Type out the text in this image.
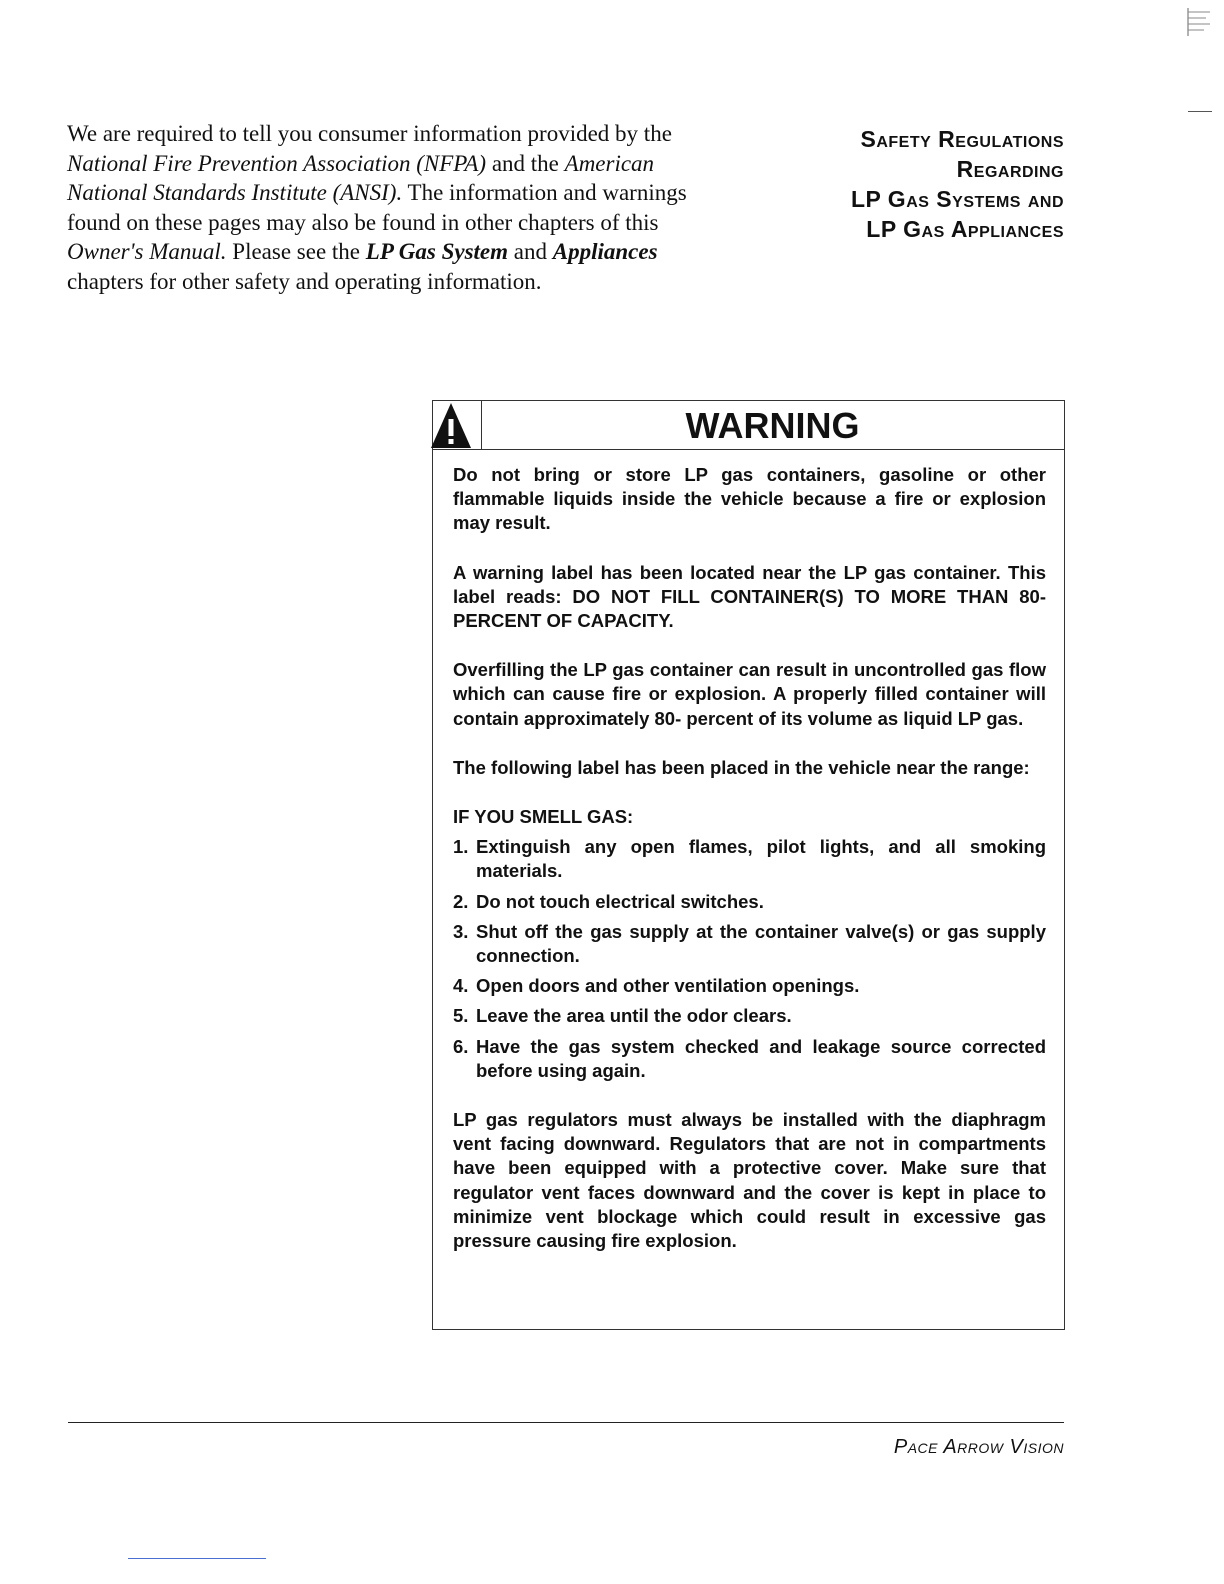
We are required to tell you consumer information provided by the National Fire Prevention Association (NFPA) and the American National Standards Institute (ANSI). The information and warnings found on these pages may also be found in other chapters of this Owner's Manual. Please see the LP Gas System and Appliances chapters for other safety and operating information.

Safety Regulations
Regarding
LP Gas Systems and
LP Gas Appliances
WARNING

Do not bring or store LP gas containers, gasoline or other flammable liquids inside the vehicle because a fire or explosion may result.

A warning label has been located near the LP gas container. This label reads: DO NOT FILL CONTAINER(S) TO MORE THAN 80-PERCENT OF CAPACITY.

Overfilling the LP gas container can result in uncontrolled gas flow which can cause fire or explosion. A properly filled container will contain approximately 80- percent of its volume as liquid LP gas.

The following label has been placed in the vehicle near the range:

IF YOU SMELL GAS:

1. Extinguish any open flames, pilot lights, and all smoking materials.
2. Do not touch electrical switches.
3. Shut off the gas supply at the container valve(s) or gas supply connection.
4. Open doors and other ventilation openings.
5. Leave the area until the odor clears.
6. Have the gas system checked and leakage source corrected before using again.

LP gas regulators must always be installed with the diaphragm vent facing downward. Regulators that are not in compartments have been equipped with a protective cover. Make sure that regulator vent faces downward and the cover is kept in place to minimize vent blockage which could result in excessive gas pressure causing fire explosion.

Pace Arrow Vision
